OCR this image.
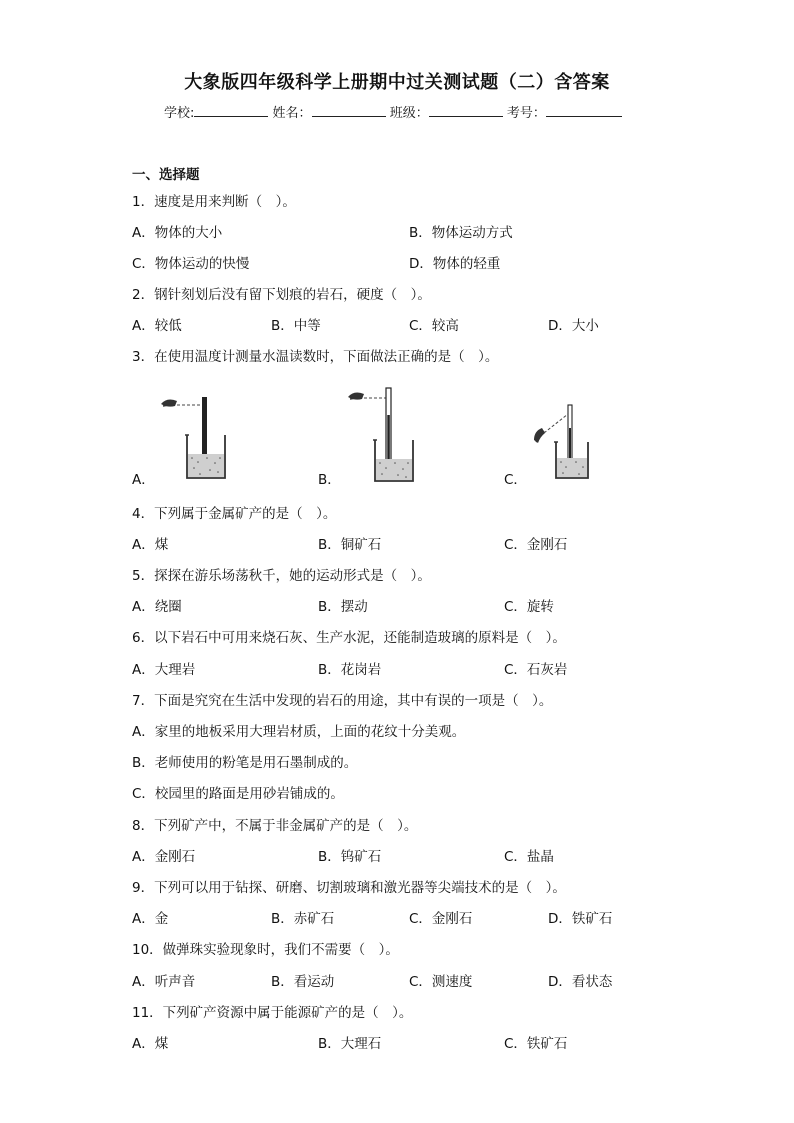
大象版四年级科学上册期中过关测试题（二）含答案
学校:	姓名：	班级：	考号：
一、选择题
1．速度是用来判断（　）。
A．物体的大小	B．物体运动方式
C．物体运动的快慢	D．物体的轻重
2．钢针刻划后没有留下划痕的岩石，硬度（　）。
A．较低	B．中等	C．较高	D．大小
3．在使用温度计测量水温读数时，下面做法正确的是（　）。
A．	B．	C．
4．下列属于金属矿产的是（　）。
A．煤	B．铜矿石	C．金刚石
5．探探在游乐场荡秋千，她的运动形式是（　）。
A．绕圈	B．摆动	C．旋转
6．以下岩石中可用来烧石灰、生产水泥，还能制造玻璃的原料是（　）。
A．大理岩	B．花岗岩	C．石灰岩
7．下面是究究在生活中发现的岩石的用途，其中有误的一项是（　）。
A．家里的地板采用大理岩材质，上面的花纹十分美观。
B．老师使用的粉笔是用石墨制成的。
C．校园里的路面是用砂岩铺成的。
8．下列矿产中，不属于非金属矿产的是（　）。
A．金刚石	B．钨矿石	C．盐晶
9．下列可以用于钻探、研磨、切割玻璃和激光器等尖端技术的是（　）。
A．金	B．赤矿石	C．金刚石	D．铁矿石
10．做弹珠实验现象时，我们不需要（　）。
A．听声音	B．看运动	C．测速度	D．看状态
11．下列矿产资源中属于能源矿产的是（　）。
A．煤	B．大理石	C．铁矿石
